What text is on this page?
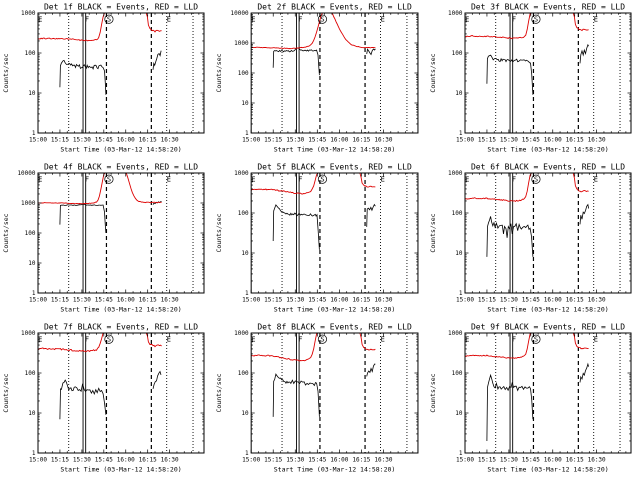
Det 1f BLACK = Events, RED = LLD
15:00 15:15 15:30 15:45 16:00 16:15 16:30
1
10
100
1000
Start Time (03-Mar-12 14:58:20)
Counts/sec
E	F	S	E
Det 2f BLACK = Events, RED = LLD
15:00 15:15 15:30 15:45 16:00 16:15 16:30
1
10
100
1000
10000
Start Time (03-Mar-12 14:58:20)
Counts/sec
E	F	S	E
Det 3f BLACK = Events, RED = LLD
15:00 15:15 15:30 15:45 16:00 16:15 16:30
1
10
100
1000
Start Time (03-Mar-12 14:58:20)
Counts/sec
E	F	S	E
Det 4f BLACK = Events, RED = LLD
15:00 15:15 15:30 15:45 16:00 16:15 16:30
1
10
100
1000
10000
Start Time (03-Mar-12 14:58:20)
Counts/sec
E	F	S	E
Det 5f BLACK = Events, RED = LLD
15:00 15:15 15:30 15:45 16:00 16:15 16:30
1
10
100
1000
Start Time (03-Mar-12 14:58:20)
Counts/sec
E	F	S	E
Det 6f BLACK = Events, RED = LLD
15:00 15:15 15:30 15:45 16:00 16:15 16:30
1
10
100
1000
Start Time (03-Mar-12 14:58:20)
Counts/sec
E	F	S	E
Det 7f BLACK = Events, RED = LLD
15:00 15:15 15:30 15:45 16:00 16:15 16:30
1
10
100
1000
Start Time (03-Mar-12 14:58:20)
Counts/sec
E	F	S	E
Det 8f BLACK = Events, RED = LLD
15:00 15:15 15:30 15:45 16:00 16:15 16:30
1
10
100
1000
Start Time (03-Mar-12 14:58:20)
Counts/sec
E	F	S	E
Det 9f BLACK = Events, RED = LLD
15:00 15:15 15:30 15:45 16:00 16:15 16:30
1
10
100
1000
Start Time (03-Mar-12 14:58:20)
Counts/sec
E	F	S	E
